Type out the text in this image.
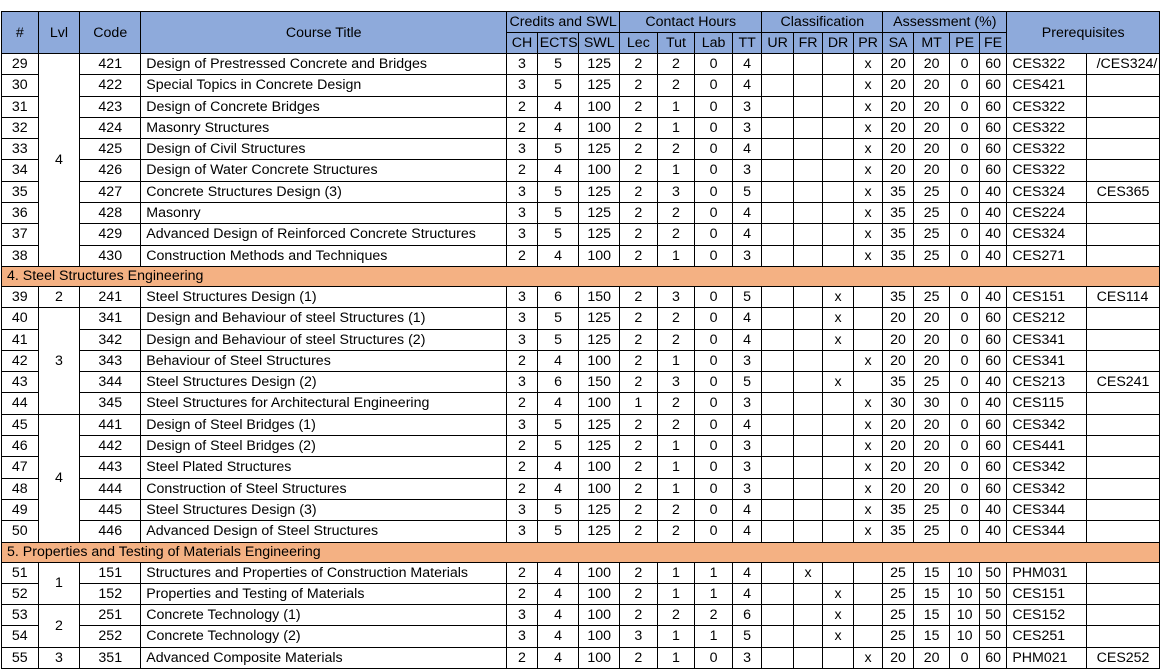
#	Lvl	Code	Course Title	Credits and SWL			Contact Hours				Classification				Assessment (%)				Prerequisites	
				CH	ECTS	SWL	Lec	Tut	Lab	TT	UR	FR	DR	PR	SA	MT	PE	FE		
29	4	421	Design of Prestressed Concrete and Bridges	3	5	125	2	2	0	4				x	20	20	0	60	CES322	/CES324/
30		422	Special Topics in Concrete Design	3	5	125	2	2	0	4				x	20	20	0	60	CES421	
31		423	Design of Concrete Bridges	2	4	100	2	1	0	3				x	20	20	0	60	CES322	
32		424	Masonry Structures	2	4	100	2	1	0	3				x	20	20	0	60	CES322	
33		425	Design of Civil Structures	3	5	125	2	2	0	4				x	20	20	0	60	CES322	
34		426	Design of Water Concrete Structures	2	4	100	2	1	0	3				x	20	20	0	60	CES322	
35		427	Concrete Structures Design (3)	3	5	125	2	3	0	5				x	35	25	0	40	CES324	CES365
36		428	Masonry	3	5	125	2	2	0	4				x	35	25	0	40	CES224	
37		429	Advanced Design of Reinforced Concrete Structures	3	5	125	2	2	0	4				x	35	25	0	40	CES324	
38		430	Construction Methods and Techniques	2	4	100	2	1	0	3				x	35	25	0	40	CES271	
4. Steel Structures Engineering																				
39	2	241	Steel Structures Design (1)	3	6	150	2	3	0	5			x		35	25	0	40	CES151	CES114
40	3	341	Design and Behaviour of steel Structures (1)	3	5	125	2	2	0	4			x		20	20	0	60	CES212	
41		342	Design and Behaviour of steel Structures (2)	3	5	125	2	2	0	4			x		20	20	0	60	CES341	
42		343	Behaviour of Steel Structures	2	4	100	2	1	0	3				x	20	20	0	60	CES341	
43		344	Steel Structures Design (2)	3	6	150	2	3	0	5			x		35	25	0	40	CES213	CES241
44		345	Steel Structures for Architectural Engineering	2	4	100	1	2	0	3				x	30	30	0	40	CES115	
45	4	441	Design of Steel Bridges (1)	3	5	125	2	2	0	4				x	20	20	0	60	CES342	
46		442	Design of Steel Bridges (2)	2	5	125	2	1	0	3				x	20	20	0	60	CES441	
47		443	Steel Plated Structures	2	4	100	2	1	0	3				x	20	20	0	60	CES342	
48		444	Construction of Steel Structures	2	4	100	2	1	0	3				x	20	20	0	60	CES342	
49		445	Steel Structures Design (3)	3	5	125	2	2	0	4				x	35	25	0	40	CES344	
50		446	Advanced Design of Steel Structures	3	5	125	2	2	0	4				x	35	25	0	40	CES344	
5. Properties and Testing of Materials Engineering																				
51	1	151	Structures and Properties of Construction Materials	2	4	100	2	1	1	4		x			25	15	10	50	PHM031	
52		152	Properties and Testing of Materials	2	4	100	2	1	1	4			x		25	15	10	50	CES151	
53	2	251	Concrete Technology (1)	3	4	100	2	2	2	6			x		25	15	10	50	CES152	
54		252	Concrete Technology (2)	3	4	100	3	1	1	5			x		25	15	10	50	CES251	
55	3	351	Advanced Composite Materials	2	4	100	2	1	0	3				x	20	20	0	60	PHM021	CES252
